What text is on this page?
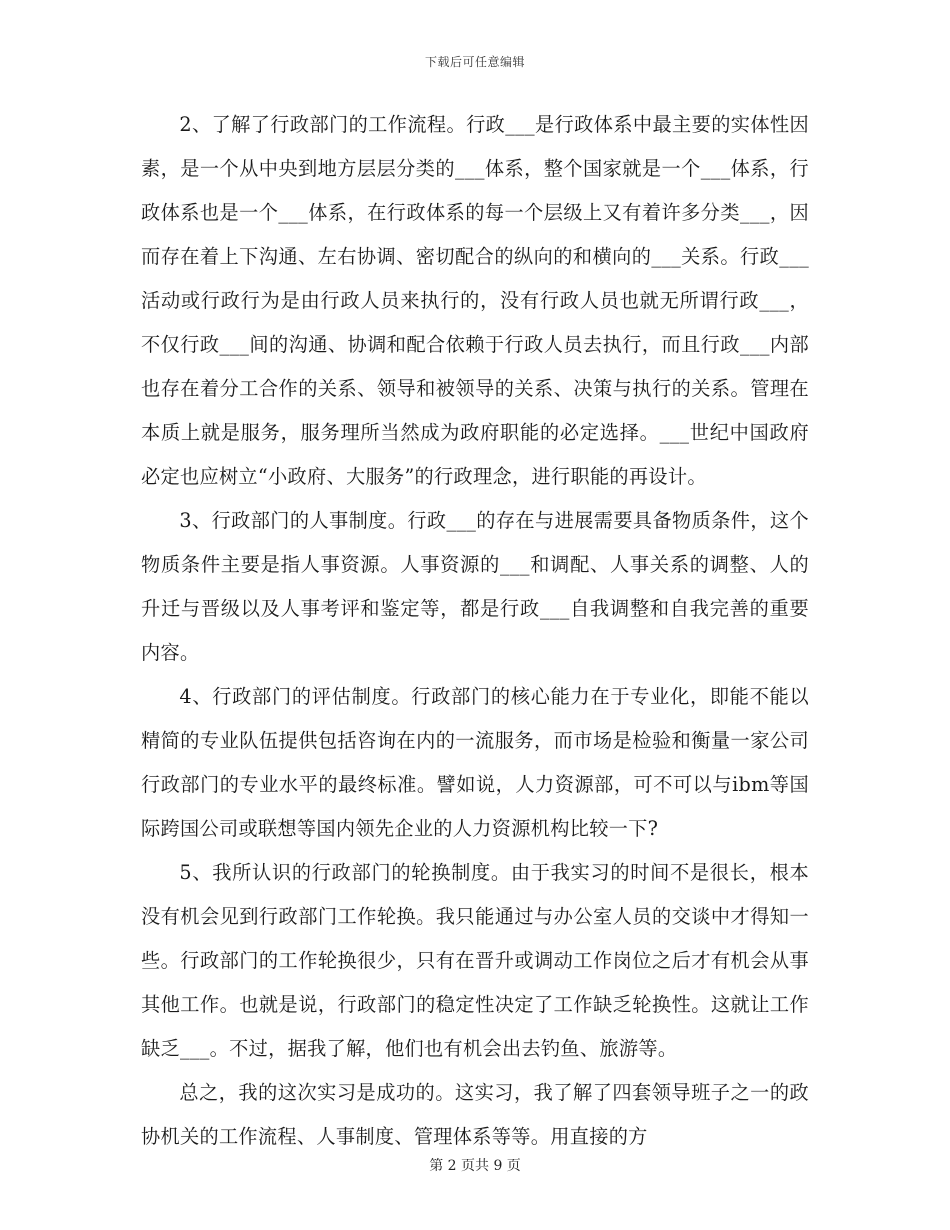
下载后可任意编辑

2、了解了行政部门的工作流程。行政___是行政体系中最主要的实体性因素，是一个从中央到地方层层分类的___体系，整个国家就是一个___体系，行政体系也是一个___体系，在行政体系的每一个层级上又有着许多分类___，因而存在着上下沟通、左右协调、密切配合的纵向的和横向的___关系。行政___活动或行政行为是由行政人员来执行的，没有行政人员也就无所谓行政___，不仅行政___间的沟通、协调和配合依赖于行政人员去执行，而且行政___内部也存在着分工合作的关系、领导和被领导的关系、决策与执行的关系。管理在本质上就是服务，服务理所当然成为政府职能的必定选择。___世纪中国政府必定也应树立“小政府、大服务”的行政理念，进行职能的再设计。

3、行政部门的人事制度。行政___的存在与进展需要具备物质条件，这个物质条件主要是指人事资源。人事资源的___和调配、人事关系的调整、人的升迁与晋级以及人事考评和鉴定等，都是行政___自我调整和自我完善的重要内容。

4、行政部门的评估制度。行政部门的核心能力在于专业化，即能不能以精简的专业队伍提供包括咨询在内的一流服务，而市场是检验和衡量一家公司行政部门的专业水平的最终标准。譬如说，人力资源部，可不可以与ibm等国际跨国公司或联想等国内领先企业的人力资源机构比较一下?

5、我所认识的行政部门的轮换制度。由于我实习的时间不是很长，根本没有机会见到行政部门工作轮换。我只能通过与办公室人员的交谈中才得知一些。行政部门的工作轮换很少，只有在晋升或调动工作岗位之后才有机会从事其他工作。也就是说，行政部门的稳定性决定了工作缺乏轮换性。这就让工作缺乏___。不过，据我了解，他们也有机会出去钓鱼、旅游等。

总之，我的这次实习是成功的。这实习，我了解了四套领导班子之一的政协机关的工作流程、人事制度、管理体系等等。用直接的方

第 2 页共 9 页
